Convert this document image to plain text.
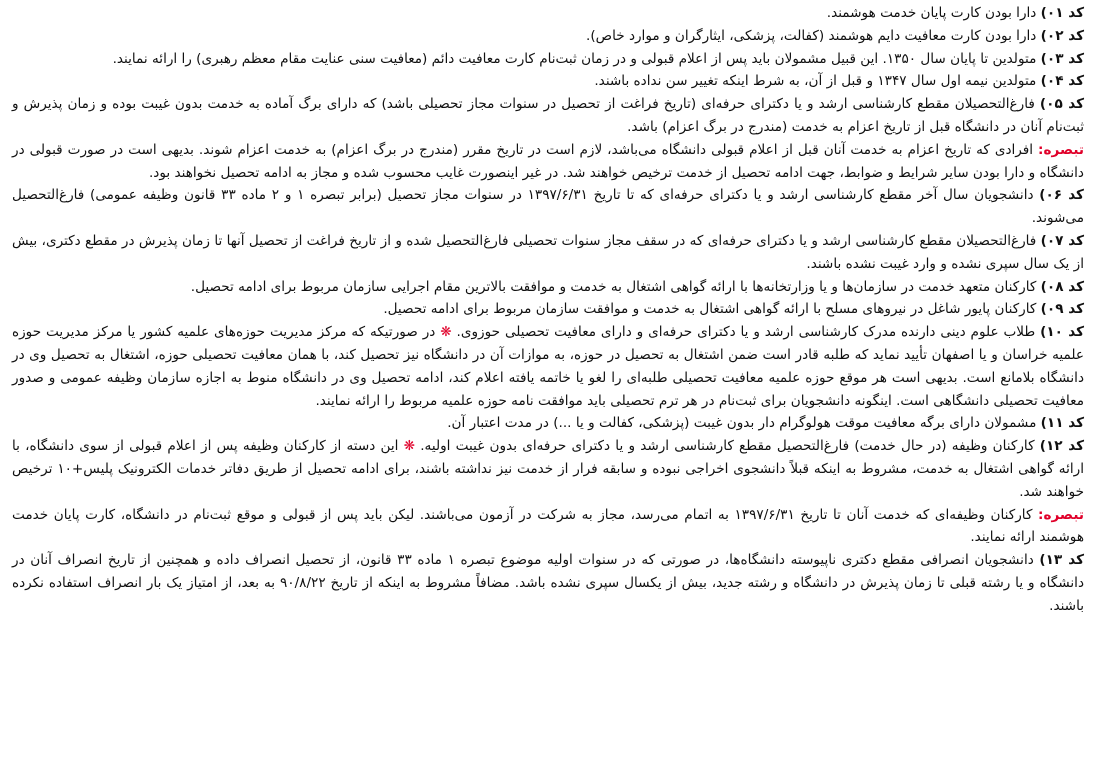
کد ۰۱) دارا بودن کارت پایان خدمت هوشمند.

کد ۰۲) دارا بودن کارت معافیت دایم هوشمند (کفالت، پزشکی، ایثارگران و موارد خاص).

کد ۰۳) متولدین تا پایان سال ۱۳۵۰. این قبیل مشمولان باید پس از اعلام قبولی و در زمان ثبت‌نام کارت معافیت دائم (معافیت سنی عنایت مقام معظم رهبری) را ارائه نمایند.

کد ۰۴) متولدین نیمه اول سال ۱۳۴۷ و قبل از آن، به شرط اینکه تغییر سن نداده باشند.

کد ۰۵) فارغ‌التحصیلان مقطع کارشناسی ارشد و یا دکترای حرفه‌ای (تاریخ فراغت از تحصیل در سنوات مجاز تحصیلی باشد) که دارای برگ آماده به خدمت بدون غیبت بوده و زمان پذیرش و ثبت‌نام آنان در دانشگاه قبل از تاریخ اعزام به خدمت (مندرج در برگ اعزام) باشد.

تبصره: افرادی که تاریخ اعزام به خدمت آنان قبل از اعلام قبولی دانشگاه می‌باشد، لازم است در تاریخ مقرر (مندرج در برگ اعزام) به خدمت اعزام شوند. بدیهی است در صورت قبولی در دانشگاه و دارا بودن سایر شرایط و ضوابط، جهت ادامه تحصیل از خدمت ترخیص خواهند شد. در غیر اینصورت غایب محسوب شده و مجاز به ادامه تحصیل نخواهند بود.

کد ۰۶) دانشجویان سال آخر مقطع کارشناسی ارشد و یا دکترای حرفه‌ای که تا تاریخ ۱۳۹۷/۶/۳۱ در سنوات مجاز تحصیل (برابر تبصره ۱ و ۲ ماده ۳۳ قانون وظیفه عمومی) فارغ‌التحصیل می‌شوند.

کد ۰۷) فارغ‌التحصیلان مقطع کارشناسی ارشد و یا دکترای حرفه‌ای که در سقف مجاز سنوات تحصیلی فارغ‌التحصیل شده و از تاریخ فراغت از تحصیل آنها تا زمان پذیرش در مقطع دکتری، بیش از یک سال سپری نشده و وارد غیبت نشده باشند.

کد ۰۸) کارکنان متعهد خدمت در سازمان‌ها و یا وزارتخانه‌ها با ارائه گواهی اشتغال به خدمت و موافقت بالاترین مقام اجرایی سازمان مربوط برای ادامه تحصیل.

کد ۰۹) کارکنان پایور شاغل در نیروهای مسلح با ارائه گواهی اشتغال به خدمت و موافقت سازمان مربوط برای ادامه تحصیل.

کد ۱۰) طلاب علوم دینی دارنده مدرک کارشناسی ارشد و یا دکترای حرفه‌ای و دارای معافیت تحصیلی حوزوی. ❋ در صورتیکه که مرکز مدیریت حوزه‌های علمیه کشور یا مرکز مدیریت حوزه علمیه خراسان و یا اصفهان تأیید نماید که طلبه قادر است ضمن اشتغال به تحصیل در حوزه، به موازات آن در دانشگاه نیز تحصیل کند، با همان معافیت تحصیلی حوزه، اشتغال به تحصیل وی در دانشگاه بلامانع است. بدیهی است هر موقع حوزه علمیه معافیت تحصیلی طلبه‌ای را لغو یا خاتمه یافته اعلام کند، ادامه تحصیل وی در دانشگاه منوط به اجازه سازمان وظیفه عمومی و صدور معافیت تحصیلی دانشگاهی است. اینگونه دانشجویان برای ثبت‌نام در هر ترم تحصیلی باید موافقت نامه حوزه علمیه مربوط را ارائه نمایند.

کد ۱۱) مشمولان دارای برگه معافیت موقت هولوگرام دار بدون غیبت (پزشکی، کفالت و یا ...) در مدت اعتبار آن.

کد ۱۲) کارکنان وظیفه (در حال خدمت) فارغ‌التحصیل مقطع کارشناسی ارشد و یا دکترای حرفه‌ای بدون غیبت اولیه. ❋ این دسته از کارکنان وظیفه پس از اعلام قبولی از سوی دانشگاه، با ارائه گواهی اشتغال به خدمت، مشروط به اینکه قبلاً دانشجوی اخراجی نبوده و سابقه فرار از خدمت نیز نداشته باشند، برای ادامه تحصیل از طریق دفاتر خدمات الکترونیک پلیس+۱۰ ترخیص خواهند شد.

تبصره: کارکنان وظیفه‌ای که خدمت آنان تا تاریخ ۱۳۹۷/۶/۳۱ به اتمام می‌رسد، مجاز به شرکت در آزمون می‌باشند. لیکن باید پس از قبولی و موقع ثبت‌نام در دانشگاه، کارت پایان خدمت هوشمند ارائه نمایند.

کد ۱۳) دانشجویان انصرافی مقطع دکتری ناپیوسته دانشگاه‌ها، در صورتی که در سنوات اولیه موضوع تبصره ۱ ماده ۳۳ قانون، از تحصیل انصراف داده و همچنین از تاریخ انصراف آنان در دانشگاه و یا رشته قبلی تا زمان پذیرش در دانشگاه و رشته جدید، بیش از یکسال سپری نشده باشد. مضافاً مشروط به اینکه از تاریخ ۹۰/۸/۲۲ به بعد، از امتیاز یک بار انصراف استفاده نکرده باشند.
